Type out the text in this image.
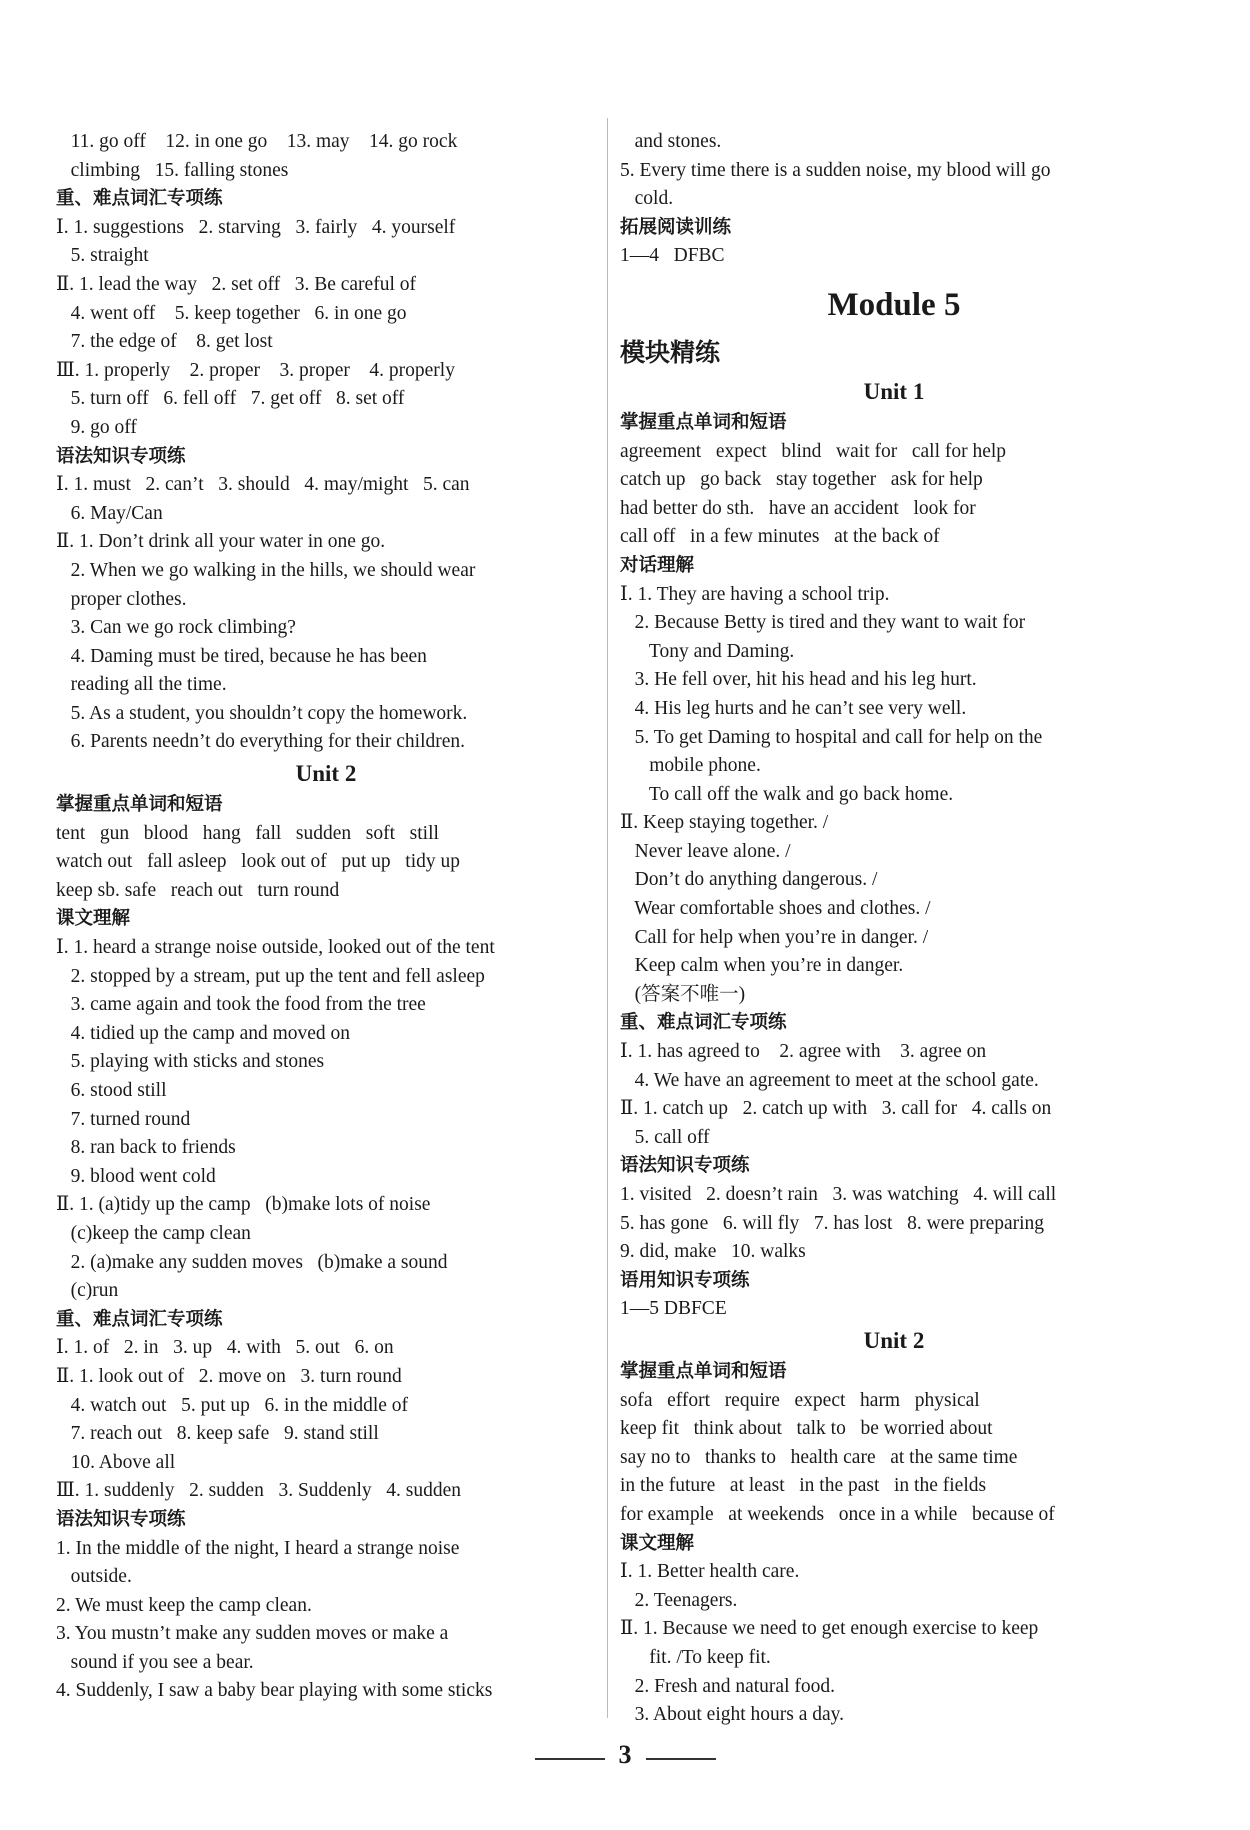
11. go off    12. in one go    13. may    14. go rock
climbing   15. falling stones
重、难点词汇专项练
Ⅰ. 1. suggestions   2. starving   3. fairly   4. yourself
5. straight
Ⅱ. 1. lead the way   2. set off   3. Be careful of
4. went off    5. keep together   6. in one go
7. the edge of    8. get lost
Ⅲ. 1. properly    2. proper    3. proper    4. properly
5. turn off   6. fell off   7. get off   8. set off
9. go off
语法知识专项练
Ⅰ. 1. must   2. can’t   3. should   4. may/might   5. can
6. May/Can
Ⅱ. 1. Don’t drink all your water in one go.
2. When we go walking in the hills, we should wear
proper clothes.
3. Can we go rock climbing?
4. Daming must be tired, because he has been
reading all the time.
5. As a student, you shouldn’t copy the homework.
6. Parents needn’t do everything for their children.
Unit 2
掌握重点单词和短语
tent   gun   blood   hang   fall   sudden   soft   still
watch out   fall asleep   look out of   put up   tidy up
keep sb. safe   reach out   turn round
课文理解
Ⅰ. 1. heard a strange noise outside, looked out of the tent
2. stopped by a stream, put up the tent and fell asleep
3. came again and took the food from the tree
4. tidied up the camp and moved on
5. playing with sticks and stones
6. stood still
7. turned round
8. ran back to friends
9. blood went cold
Ⅱ. 1. (a)tidy up the camp   (b)make lots of noise
(c)keep the camp clean
2. (a)make any sudden moves   (b)make a sound
(c)run
重、难点词汇专项练
Ⅰ. 1. of   2. in   3. up   4. with   5. out   6. on
Ⅱ. 1. look out of   2. move on   3. turn round
4. watch out   5. put up   6. in the middle of
7. reach out   8. keep safe   9. stand still
10. Above all
Ⅲ. 1. suddenly   2. sudden   3. Suddenly   4. sudden
语法知识专项练
1. In the middle of the night, I heard a strange noise
outside.
2. We must keep the camp clean.
3. You mustn’t make any sudden moves or make a
sound if you see a bear.
4. Suddenly, I saw a baby bear playing with some sticks
and stones.
5. Every time there is a sudden noise, my blood will go
cold.
拓展阅读训练
1—4   DFBC
Module 5
模块精练
Unit 1
掌握重点单词和短语
agreement   expect   blind   wait for   call for help
catch up   go back   stay together   ask for help
had better do sth.   have an accident   look for
call off   in a few minutes   at the back of
对话理解
Ⅰ. 1. They are having a school trip.
2. Because Betty is tired and they want to wait for
Tony and Daming.
3. He fell over, hit his head and his leg hurt.
4. His leg hurts and he can’t see very well.
5. To get Daming to hospital and call for help on the
mobile phone.
To call off the walk and go back home.
Ⅱ. Keep staying together. /
Never leave alone. /
Don’t do anything dangerous. /
Wear comfortable shoes and clothes. /
Call for help when you’re in danger. /
Keep calm when you’re in danger.
(答案不唯一)
重、难点词汇专项练
Ⅰ. 1. has agreed to    2. agree with    3. agree on
4. We have an agreement to meet at the school gate.
Ⅱ. 1. catch up   2. catch up with   3. call for   4. calls on
5. call off
语法知识专项练
1. visited   2. doesn’t rain   3. was watching   4. will call
5. has gone   6. will fly   7. has lost   8. were preparing
9. did, make   10. walks
语用知识专项练
1—5 DBFCE
Unit 2
掌握重点单词和短语
sofa   effort   require   expect   harm   physical
keep fit   think about   talk to   be worried about
say no to   thanks to   health care   at the same time
in the future   at least   in the past   in the fields
for example   at weekends   once in a while   because of
课文理解
Ⅰ. 1. Better health care.
2. Teenagers.
Ⅱ. 1. Because we need to get enough exercise to keep
fit. /To keep fit.
2. Fresh and natural food.
3. About eight hours a day.
3
